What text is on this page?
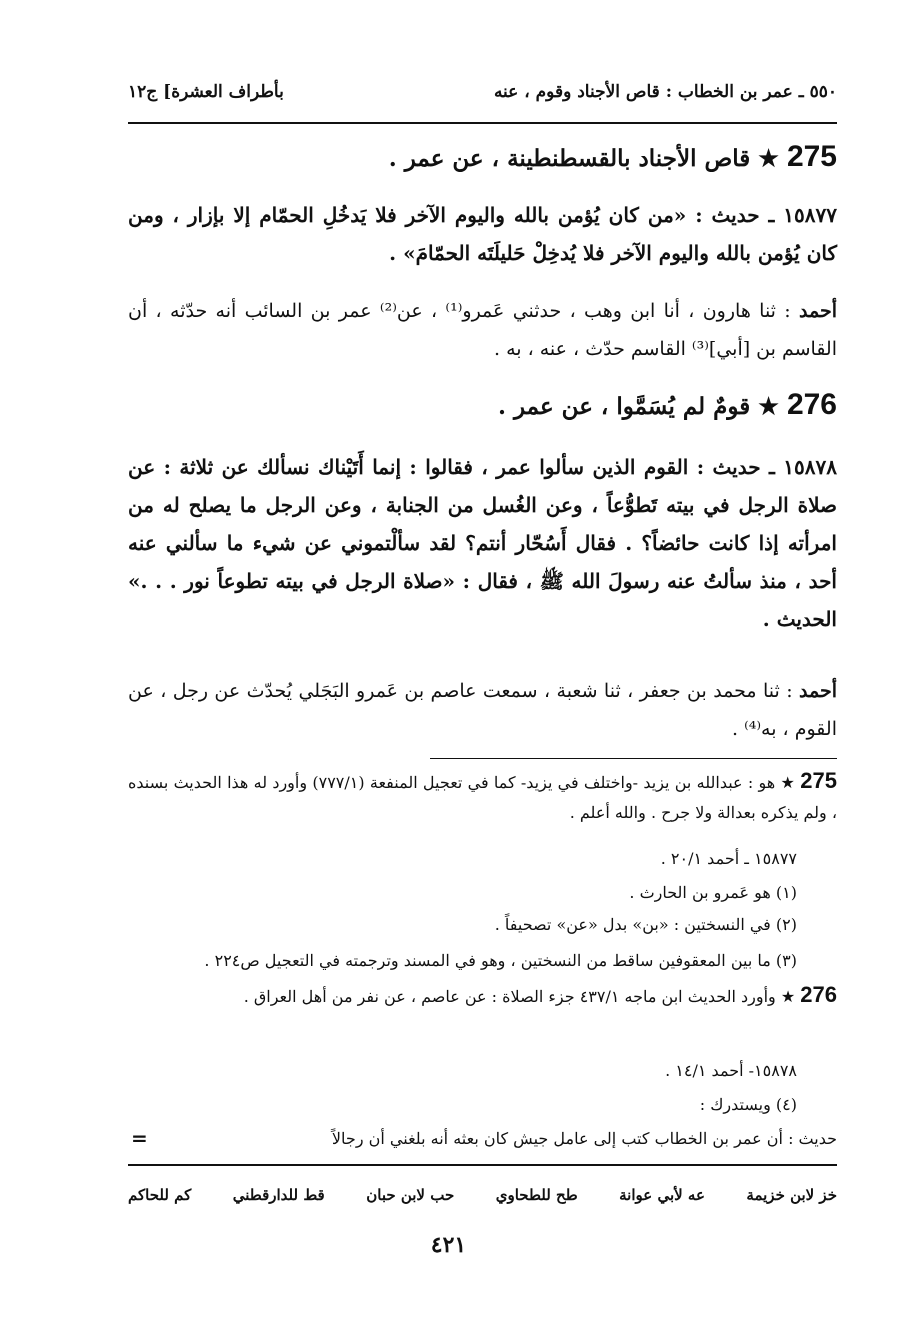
بأطراف العشرة] ج١٢	٥٥٠ ـ عمر بن الخطاب : قاص الأجناد وقوم ، عنه
275 ★ قاص الأجناد بالقسطنطينة ، عن عمر .
١٥٨٧٧ ـ حديث : «من كان يُؤمن بالله واليوم الآخر فلا يَدخُلِ الحمّام إلا بإزار ، ومن كان يُؤمن بالله واليوم الآخر فلا يُدخِلْ حَليلَتَه الحمّامَ» .
أحمد : ثنا هارون ، أنا ابن وهب ، حدثني عَمرو⁽¹⁾ ، عن⁽²⁾ عمر بن السائب أنه حدّثه ، أن القاسم بن [أبي]⁽³⁾ القاسم حدّث ، عنه ، به .
276 ★ قومٌ لم يُسَمَّوا ، عن عمر .
١٥٨٧٨ ـ حديث : القوم الذين سألوا عمر ، فقالوا : إنما أَتَيْناك نسألك عن ثلاثة : عن صلاة الرجل في بيته تَطوُّعاً ، وعن الغُسل من الجنابة ، وعن الرجل ما يصلح له من امرأته إذا كانت حائضاً؟ . فقال أَسُحّار أنتم؟ لقد سألْتموني عن شيء ما سألني عنه أحد ، منذ سألتُ عنه رسولَ الله ﷺ ، فقال : «صلاة الرجل في بيته تطوعاً نور . . .» الحديث .
أحمد : ثنا محمد بن جعفر ، ثنا شعبة ، سمعت عاصم بن عَمرو البَجَلي يُحدّث عن رجل ، عن القوم ، به⁽⁴⁾ .
275 ★ هو : عبدالله بن يزيد -واختلف في يزيد- كما في تعجيل المنفعة (٧٧٧/١) وأورد له هذا الحديث بسنده ، ولم يذكره بعدالة ولا جرح . والله أعلم .
١٥٨٧٧ ـ أحمد ٢٠/١ .
(١) هو عَمرو بن الحارث .
(٢) في النسختين : «بن» بدل «عن» تصحيفاً .
(٣) ما بين المعقوفين ساقط من النسختين ، وهو في المسند وترجمته في التعجيل ص٢٢٤ .
276 ★ وأورد الحديث ابن ماجه ٤٣٧/١ جزء الصلاة : عن عاصم ، عن نفر من أهل العراق .
١٥٨٧٨- أحمد ١٤/١ .
(٤) ويستدرك :
حديث : أن عمر بن الخطاب كتب إلى عامل جيش كان بعثه أنه بلغني أن رجالاً
=
خز لابن خزيمة
عه لأبي عوانة
طح للطحاوي
حب لابن حبان
قط للدارقطني
كم للحاكم
٤٢١
